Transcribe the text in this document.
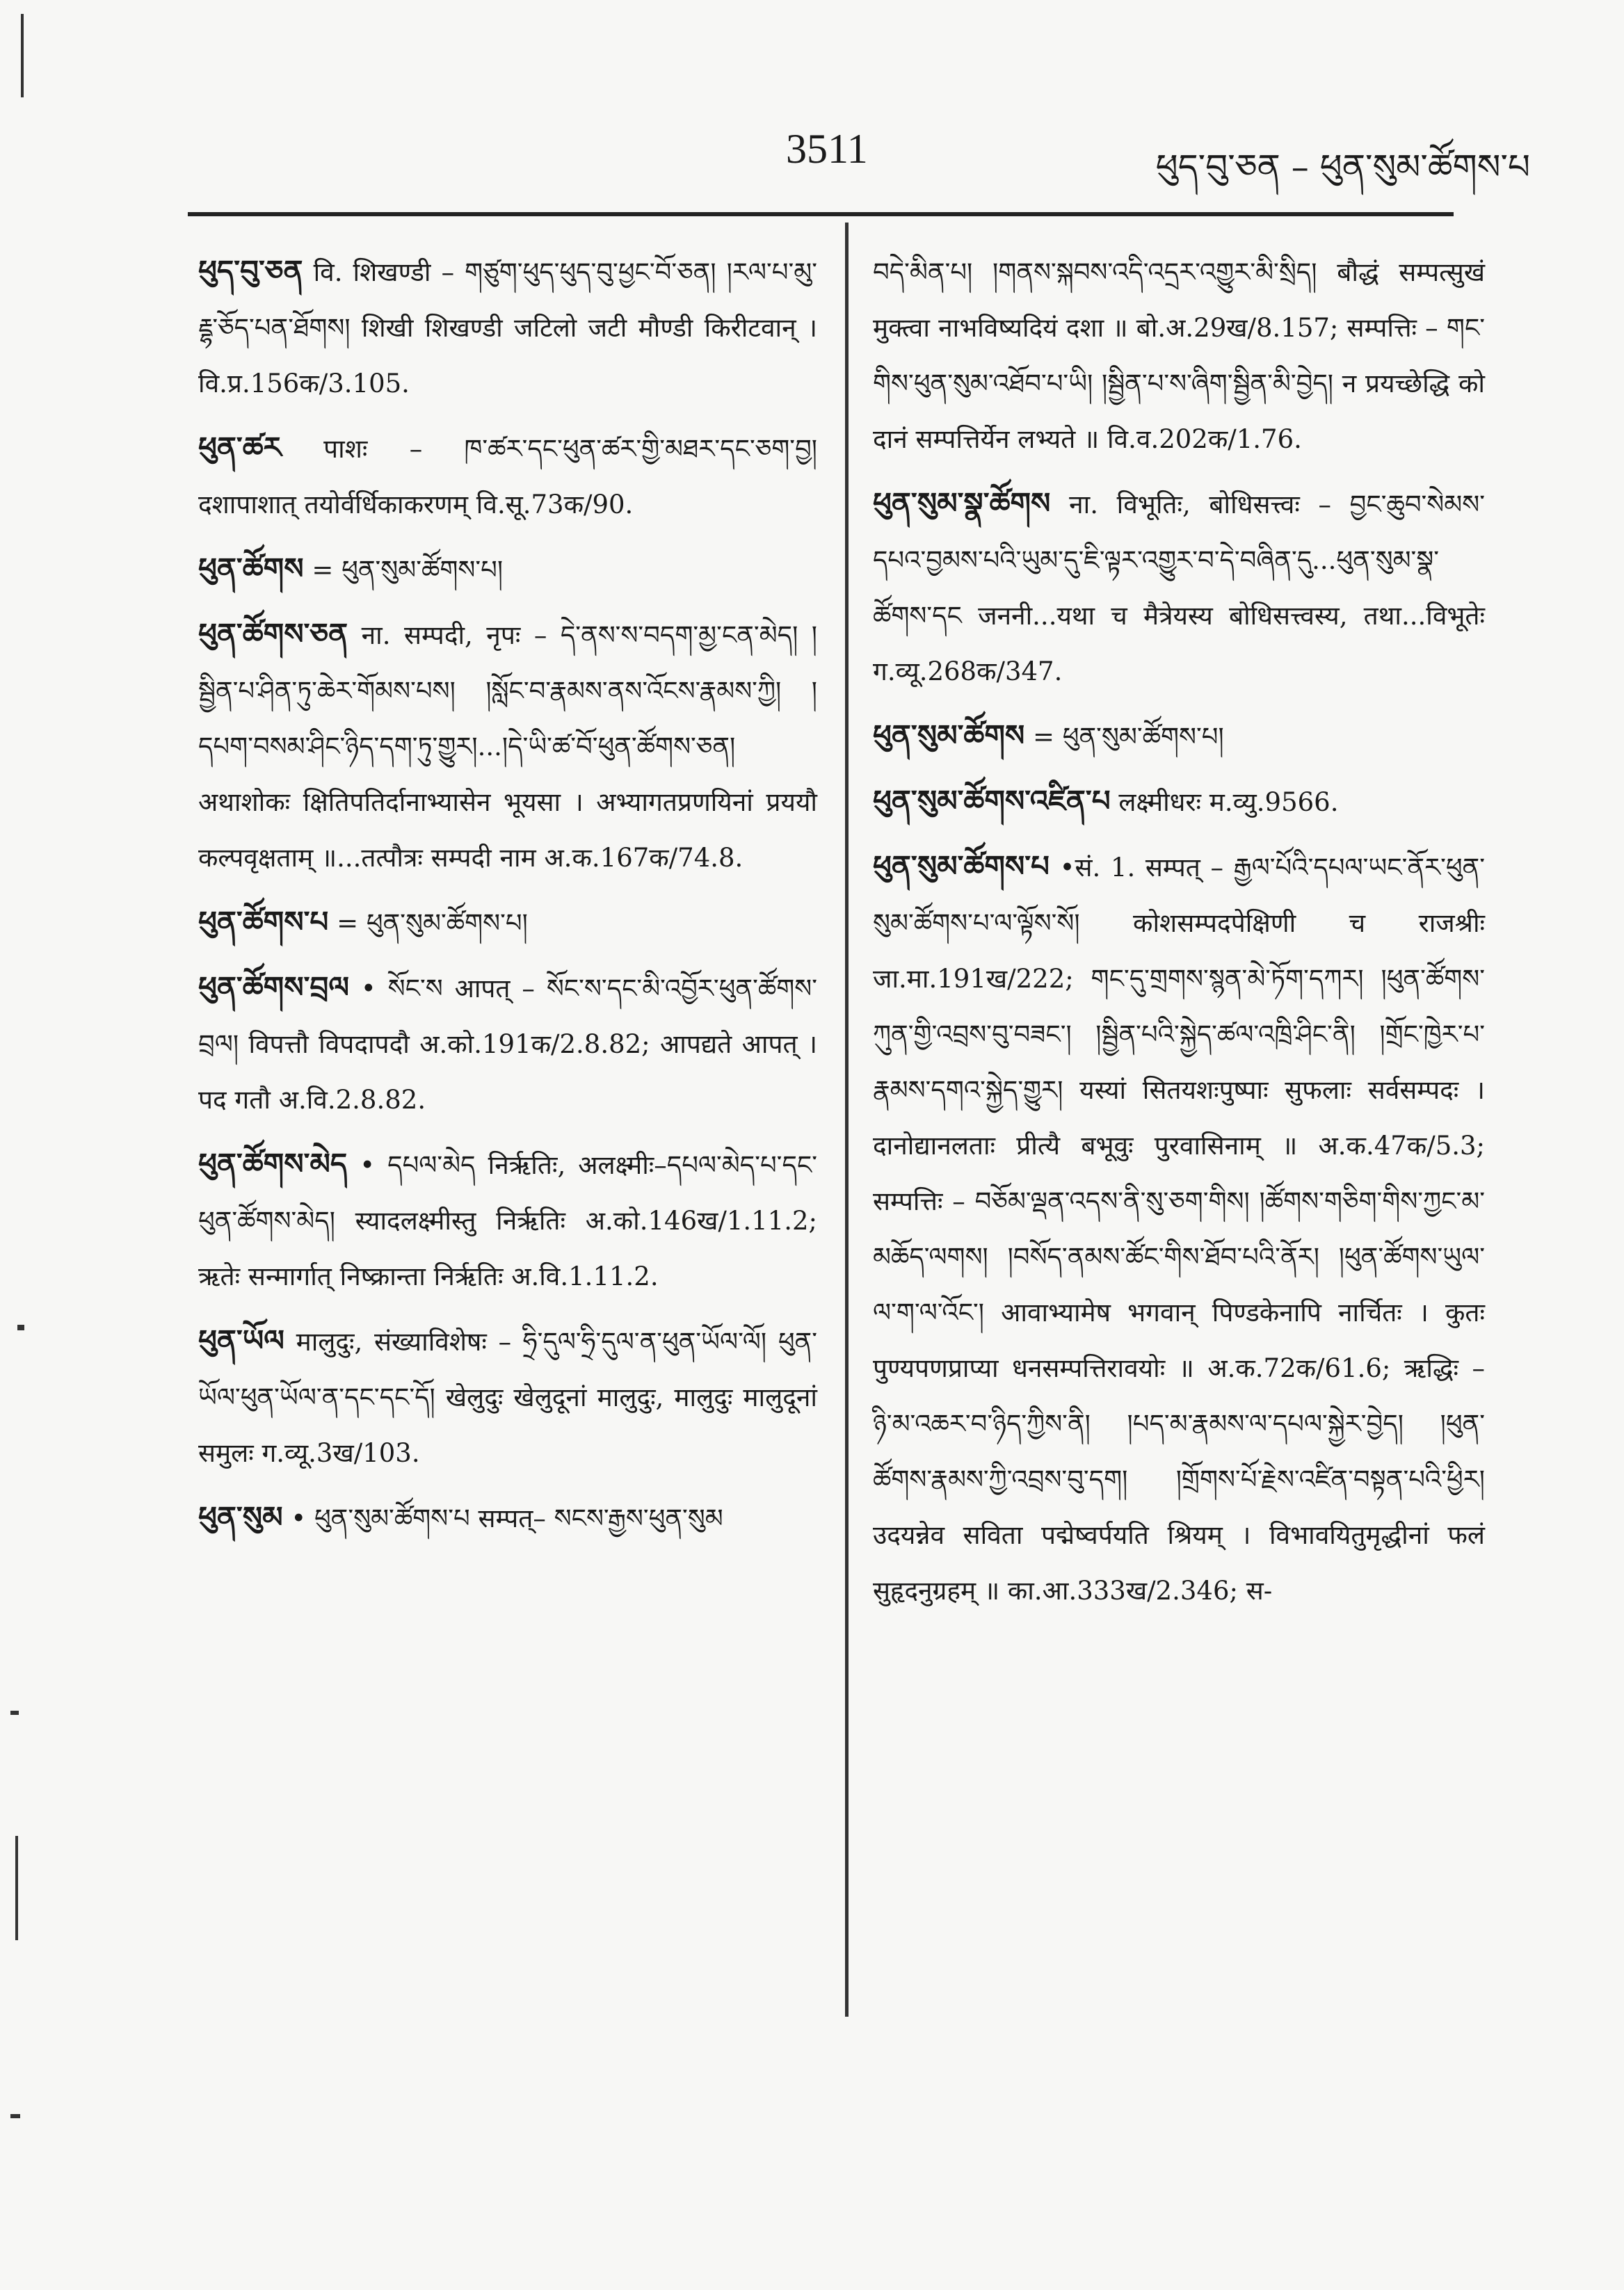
3511	ཕུད་བུ་ཅན – ཕུན་སུམ་ཚོགས་པ
ཕུད་བུ་ཅན वि. शिखण्डी – གཙུག་ཕུད་ཕུད་བུ་ཕྱང་བོ་ཅན། །རལ་པ་མུ་རྡྷ་ཅོད་པན་ཐོགས། शिखी शिखण्डी जटिलो जटी मौण्डी किरीटवान् । वि.प्र.156क/3.105.
ཕུན་ཚར पाशः – ཁ་ཚར་དང་ཕུན་ཚར་གྱི་མཐར་དང་ཅག་བྱ། दशापाशात् तयोर्वर्धिकाकरणम् वि.सू.73क/90.
ཕུན་ཚོགས = ཕུན་སུམ་ཚོགས་པ།
ཕུན་ཚོགས་ཅན ना. सम्पदी, नृपः – དེ་ནས་ས་བདག་མྱ་ངན་མེད། །སྦྱིན་པ་ཤིན་ཏུ་ཆེར་གོམས་པས། །སློང་བ་རྣམས་ནས་འོངས་རྣམས་ཀྱི། །དཔག་བསམ་ཤིང་ཉིད་དག་ཏུ་གྱུར།...།དེ་ཡི་ཚ་བོ་ཕུན་ཚོགས་ཅན། अथाशोकः क्षितिपतिर्दानाभ्यासेन भूयसा । अभ्यागतप्रणयिनां प्रययौ कल्पवृक्षताम् ॥...तत्पौत्रः सम्पदी नाम अ.क.167क/74.8.
ཕུན་ཚོགས་པ = ཕུན་སུམ་ཚོགས་པ།
ཕུན་ཚོགས་བྲལ • སོང་ས आपत् – སོང་ས་དང་མི་འབྱོར་ཕུན་ཚོགས་བྲལ། विपत्तौ विपदापदौ अ.को.191क/2.8.82; आपद्यते आपत् । पद गतौ अ.वि.2.8.82.
ཕུན་ཚོགས་མེད • དཔལ་མེད निर्ऋतिः, अलक्ष्मीः–དཔལ་མེད་པ་དང་ཕུན་ཚོགས་མེད། स्यादलक्ष्मीस्तु निर्ऋतिः अ.को.146ख/1.11.2; ऋतेः सन्मार्गात् निष्क्रान्ता निर्ऋतिः अ.वि.1.11.2.
ཕུན་ཡོལ मालुदुः, संख्याविशेषः – ཧྲི་དུལ་ཧྲི་དུལ་ན་ཕུན་ཡོལ་ལོ། ཕུན་ཡོལ་ཕུན་ཡོལ་ན་དང་དང་དོ། खेलुदुः खेलुदूनां मालुदुः, मालुदुः मालुदूनां समुलः ग.व्यू.3ख/103.
ཕུན་སུམ • ཕུན་སུམ་ཚོགས་པ सम्पत्– སངས་རྒྱས་ཕུན་སུམ
བདེ་མིན་པ། །གནས་སྐབས་འདི་འདྲར་འགྱུར་མི་སྲིད། बौद्धं सम्पत्सुखं मुक्त्वा नाभविष्यदियं दशा ॥ बो.अ.29ख/8.157; सम्पत्तिः – གང་གིས་ཕུན་སུམ་འཐོབ་པ་ཡི། །སྦྱིན་པ་ས་ཞིག་སྦྱིན་མི་བྱེད། न प्रयच्छेद्धि को दानं सम्पत्तिर्येन लभ्यते ॥ वि.व.202क/1.76.
ཕུན་སུམ་སྣ་ཚོགས ना. विभूतिः, बोधिसत्त्वः – བྱང་ཆུབ་སེམས་དཔའ་བྱམས་པའི་ཡུམ་དུ་ཇི་ལྟར་འགྱུར་བ་དེ་བཞིན་དུ...ཕུན་སུམ་སྣ་ཚོགས་དང जननी...यथा च मैत्रेयस्य बोधिसत्त्वस्य, तथा...विभूतेः ग.व्यू.268क/347.
ཕུན་སུམ་ཚོགས = ཕུན་སུམ་ཚོགས་པ།
ཕུན་སུམ་ཚོགས་འཛིན་པ लक्ष्मीधरः म.व्यु.9566.
ཕུན་སུམ་ཚོགས་པ •सं. 1. सम्पत् – རྒྱལ་པོའི་དཔལ་ཡང་ནོར་ཕུན་སུམ་ཚོགས་པ་ལ་ལྟོས་སོ། कोशसम्पदपेक्षिणी च राजश्रीः जा.मा.191ख/222; གང་དུ་གྲགས་སྙན་མེ་ཏོག་དཀར། །ཕུན་ཚོགས་ཀུན་གྱི་འབྲས་བུ་བཟང་། །སྦྱིན་པའི་སྐྱེད་ཚལ་འཁྲི་ཤིང་ནི། །གྲོང་ཁྱེར་པ་རྣམས་དགའ་སྐྱེད་གྱུར། यस्यां सितयशःपुष्पाः सुफलाः सर्वसम्पदः । दानोद्यानलताः प्रीत्यै बभूवुः पुरवासिनाम् ॥ अ.क.47क/5.3; सम्पत्तिः – བཅོམ་ལྡན་འདས་ནི་སུ་ཅག་གིས། །ཚོགས་གཅིག་གིས་ཀྱང་མ་མཆོད་ལགས། །བསོད་ནམས་ཚོང་གིས་ཐོབ་པའི་ནོར། །ཕུན་ཚོགས་ཡུལ་ལ་ག་ལ་འོང་། आवाभ्यामेष भगवान् पिण्डकेनापि नार्चितः । कुतः पुण्यपणप्राप्या धनसम्पत्तिरावयोः ॥ अ.क.72क/61.6; ऋद्धिः – ཉི་མ་འཆར་བ་ཉིད་ཀྱིས་ནི། །པད་མ་རྣམས་ལ་དཔལ་སྐྱེར་བྱེད། །ཕུན་ཚོགས་རྣམས་ཀྱི་འབྲས་བུ་དག། །གྲོགས་པོ་རྗེས་འཛིན་བསྟན་པའི་ཕྱིར། उदयन्नेव सविता पद्मेष्वर्पयति श्रियम् । विभावयितुमृद्धीनां फलं सुहृदनुग्रहम् ॥ का.आ.333ख/2.346; स-
